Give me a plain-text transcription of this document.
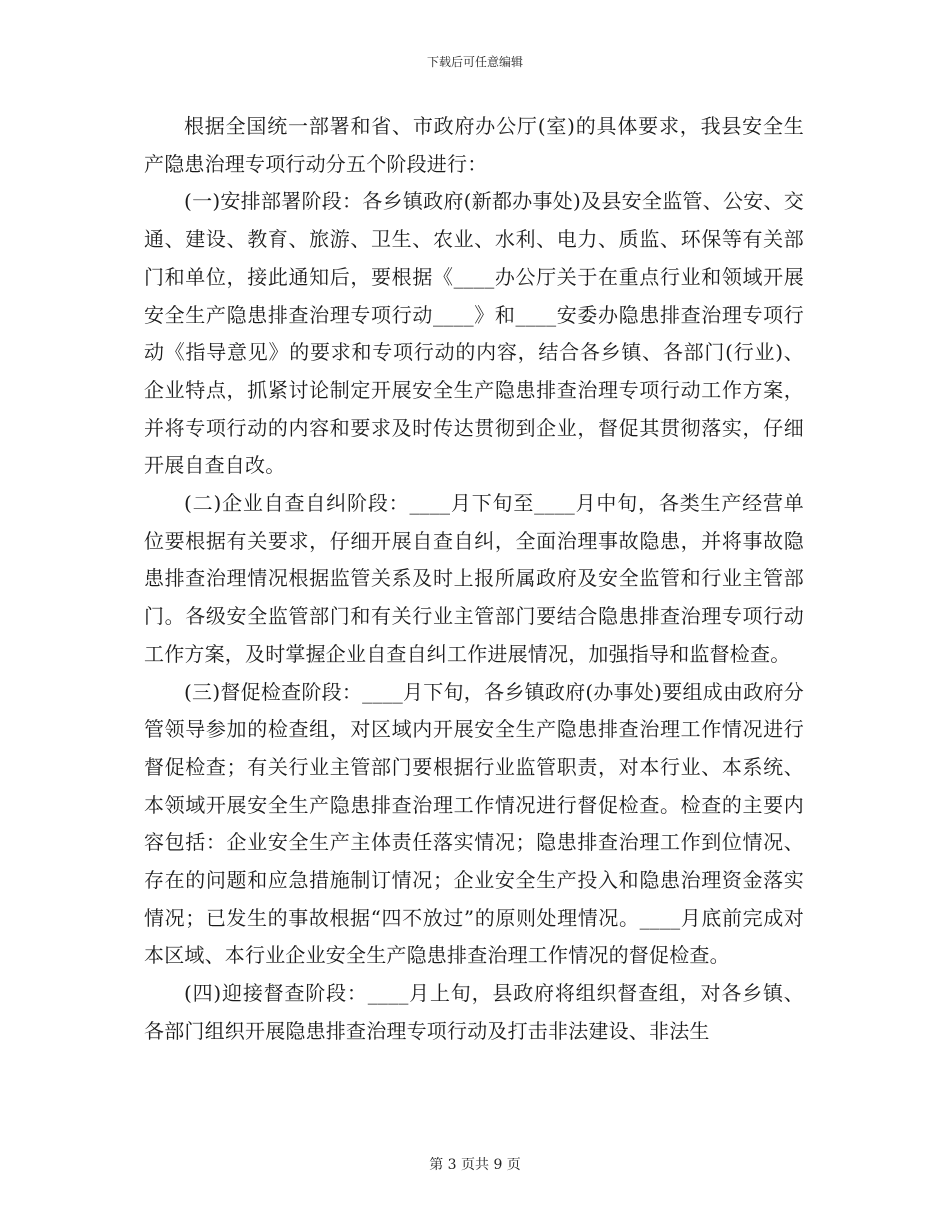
下载后可任意编辑

根据全国统一部署和省、市政府办公厅(室)的具体要求，我县安全生产隐患治理专项行动分五个阶段进行：

(一)安排部署阶段：各乡镇政府(新都办事处)及县安全监管、公安、交通、建设、教育、旅游、卫生、农业、水利、电力、质监、环保等有关部门和单位，接此通知后，要根据《____办公厅关于在重点行业和领域开展安全生产隐患排查治理专项行动____》和____安委办隐患排查治理专项行动《指导意见》的要求和专项行动的内容，结合各乡镇、各部门(行业)、企业特点，抓紧讨论制定开展安全生产隐患排查治理专项行动工作方案，并将专项行动的内容和要求及时传达贯彻到企业，督促其贯彻落实，仔细开展自查自改。

(二)企业自查自纠阶段：____月下旬至____月中旬，各类生产经营单位要根据有关要求，仔细开展自查自纠，全面治理事故隐患，并将事故隐患排查治理情况根据监管关系及时上报所属政府及安全监管和行业主管部门。各级安全监管部门和有关行业主管部门要结合隐患排查治理专项行动工作方案，及时掌握企业自查自纠工作进展情况，加强指导和监督检查。

(三)督促检查阶段：____月下旬，各乡镇政府(办事处)要组成由政府分管领导参加的检查组，对区域内开展安全生产隐患排查治理工作情况进行督促检查；有关行业主管部门要根据行业监管职责，对本行业、本系统、本领域开展安全生产隐患排查治理工作情况进行督促检查。检查的主要内容包括：企业安全生产主体责任落实情况；隐患排查治理工作到位情况、存在的问题和应急措施制订情况；企业安全生产投入和隐患治理资金落实情况；已发生的事故根据“四不放过”的原则处理情况。____月底前完成对本区域、本行业企业安全生产隐患排查治理工作情况的督促检查。

(四)迎接督查阶段：____月上旬，县政府将组织督查组，对各乡镇、各部门组织开展隐患排查治理专项行动及打击非法建设、非法生

第 3 页共 9 页
